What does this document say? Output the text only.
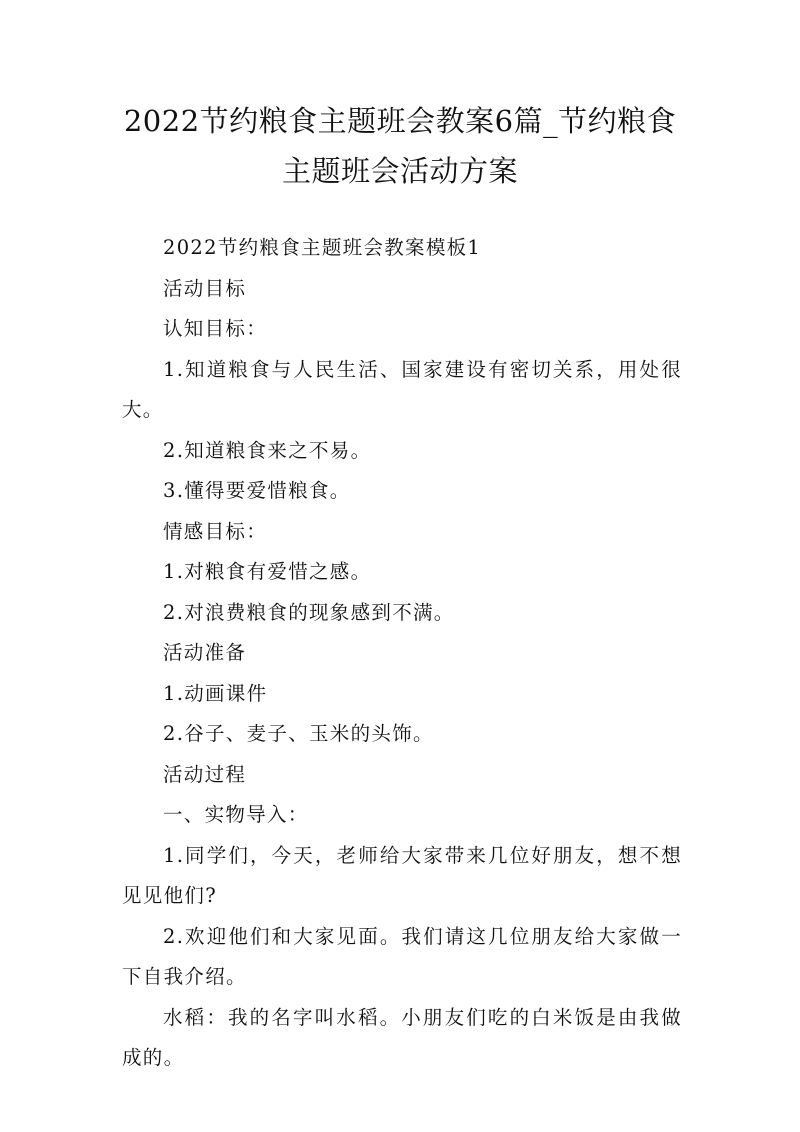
2022节约粮食主题班会教案6篇_节约粮食主题班会活动方案

2022节约粮食主题班会教案模板1

活动目标

认知目标：

1.知道粮食与人民生活、国家建设有密切关系，用处很大。

2.知道粮食来之不易。

3.懂得要爱惜粮食。

情感目标：

1.对粮食有爱惜之感。

2.对浪费粮食的现象感到不满。

活动准备

1.动画课件

2.谷子、麦子、玉米的头饰。

活动过程

一、实物导入：

1.同学们，今天，老师给大家带来几位好朋友，想不想见见他们?

2.欢迎他们和大家见面。我们请这几位朋友给大家做一下自我介绍。

水稻：我的名字叫水稻。小朋友们吃的白米饭是由我做成的。
